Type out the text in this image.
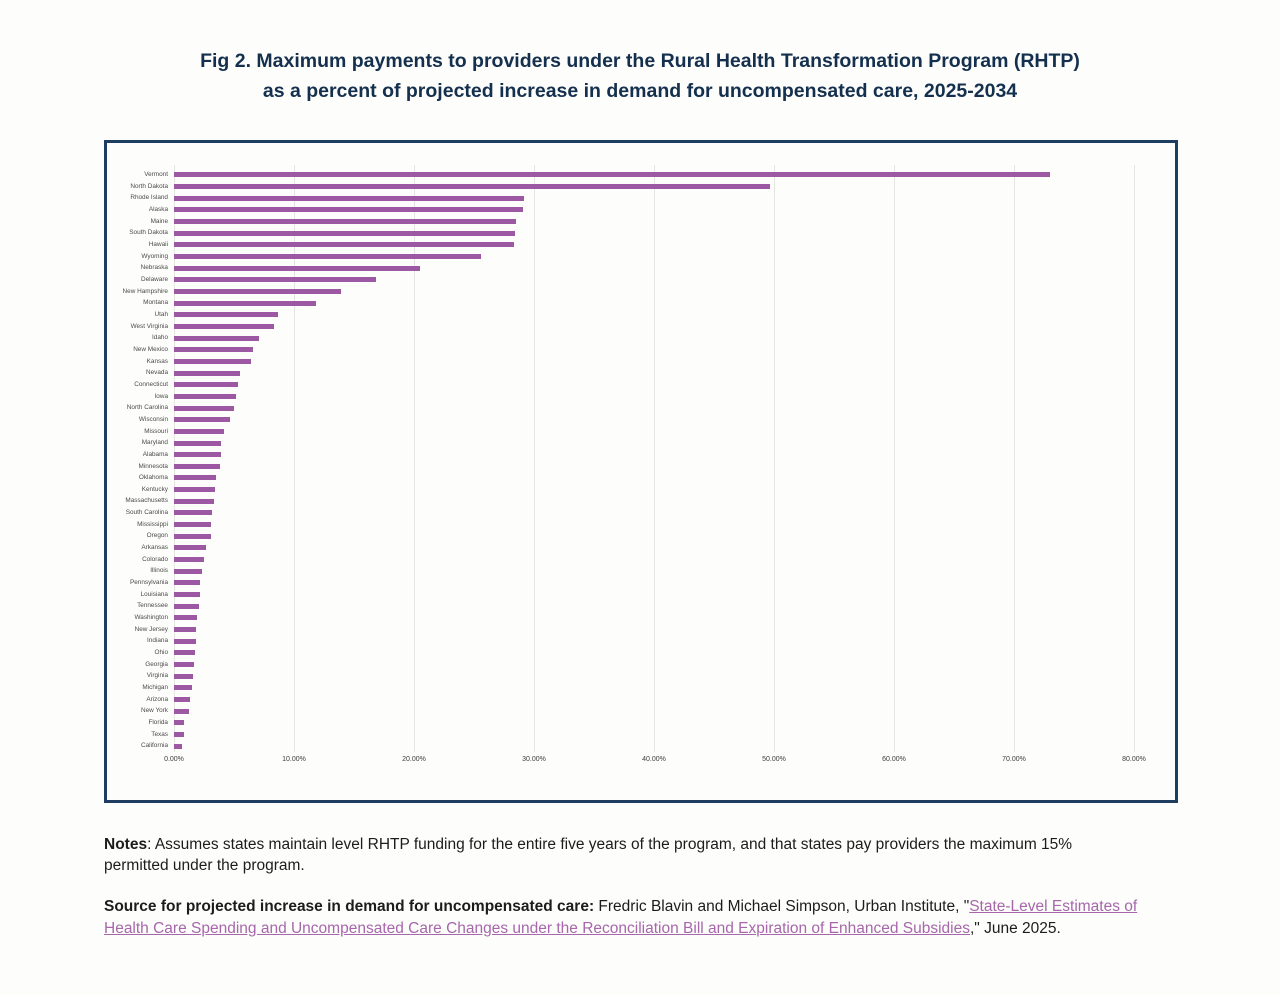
Fig 2. Maximum payments to providers under the Rural Health Transformation Program (RHTP)
as a percent of projected increase in demand for uncompensated care, 2025-2034
0.00%	10.00%	20.00%	30.00%	40.00%	50.00%	60.00%	70.00%	80.00%
Vermont
North Dakota
Rhode Island
Alaska
Maine
South Dakota
Hawaii
Wyoming
Nebraska
Delaware
New Hampshire
Montana
Utah
West Virginia
Idaho
New Mexico
Kansas
Nevada
Connecticut
Iowa
North Carolina
Wisconsin
Missouri
Maryland
Alabama
Minnesota
Oklahoma
Kentucky
Massachusetts
South Carolina
Mississippi
Oregon
Arkansas
Colorado
Illinois
Pennsylvania
Louisiana
Tennessee
Washington
New Jersey
Indiana
Ohio
Georgia
Virginia
Michigan
Arizona
New York
Florida
Texas
California

Notes: Assumes states maintain level RHTP funding for the entire five years of the program, and that states pay providers the maximum 15% permitted under the program.

Source for projected increase in demand for uncompensated care: Fredric Blavin and Michael Simpson, Urban Institute, "State-Level Estimates of Health Care Spending and Uncompensated Care Changes under the Reconciliation Bill and Expiration of Enhanced Subsidies," June 2025.
